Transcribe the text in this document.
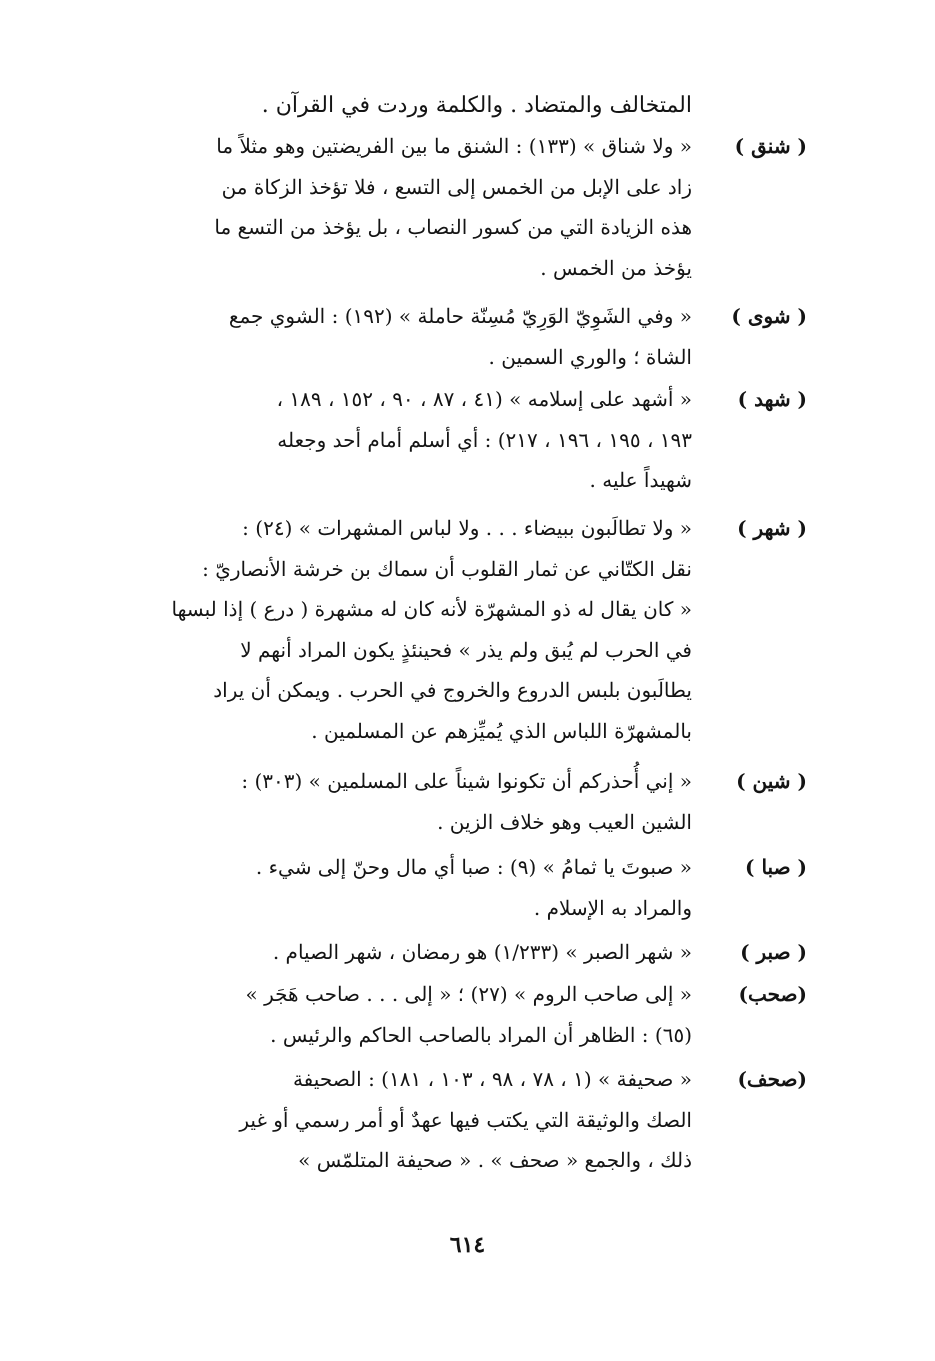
المتخالف والمتضاد . والكلمة وردت في القرآن .
( شنق )

« ولا شناق » (١٣٣) : الشنق ما بين الفريضتين وهو مثلاً ما

زاد على الإبل من الخمس إلى التسع ، فلا تؤخذ الزكاة من

هذه الزيادة التي من كسور النصاب ، بل يؤخذ من التسع ما

يؤخذ من الخمس .

( شوى )

« وفي الشَوِيّ الوَرِيّ مُسِنّة حاملة » (١٩٢) : الشوي جمع

الشاة ؛ والوري السمين .

( شهد )

« أشهد على إسلامه » (٤١ ، ٨٧ ، ٩٠ ، ١٥٢ ، ١٨٩ ،

١٩٣ ، ١٩٥ ، ١٩٦ ، ٢١٧) : أي أسلم أمام أحد وجعله

شهيداً عليه .

( شهر )

« ولا تطالَبون ببيضاء . . . ولا لباس المشهرات » (٢٤) :

نقل الكتّاني عن ثمار القلوب أن سماك بن خرشة الأنصاريّ :

« كان يقال له ذو المشهرّة لأنه كان له مشهرة ( درع ) إذا لبسها

في الحرب لم يُبق ولم يذر » فحينئذٍ يكون المراد أنهم لا

يطالَبون بلبس الدروع والخروج في الحرب . ويمكن أن يراد

بالمشهرّة اللباس الذي يُميِّزهم عن المسلمين .

( شين )

« إني أُحذركم أن تكونوا شيناً على المسلمين » (٣٠٣) :

الشين العيب وهو خلاف الزين .

( صبا )

« صبوتَ يا ثمامُ » (٩) : صبا أي مال وحنّ إلى شيء .

والمراد به الإسلام .

( صبر )

« شهر الصبر » (١/٢٣٣) هو رمضان ، شهر الصيام .

(صحب)

« إلى صاحب الروم » (٢٧) ؛ « إلى . . . صاحب هَجَر »

(٦٥) : الظاهر أن المراد بالصاحب الحاكم والرئيس .

(صحف)

« صحيفة » (١ ، ٧٨ ، ٩٨ ، ١٠٣ ، ١٨١) : الصحيفة

الصك والوثيقة التي يكتب فيها عهدٌ أو أمر رسمي أو غير

ذلك ، والجمع « صحف » . « صحيفة المتلمّس »

٦١٤
